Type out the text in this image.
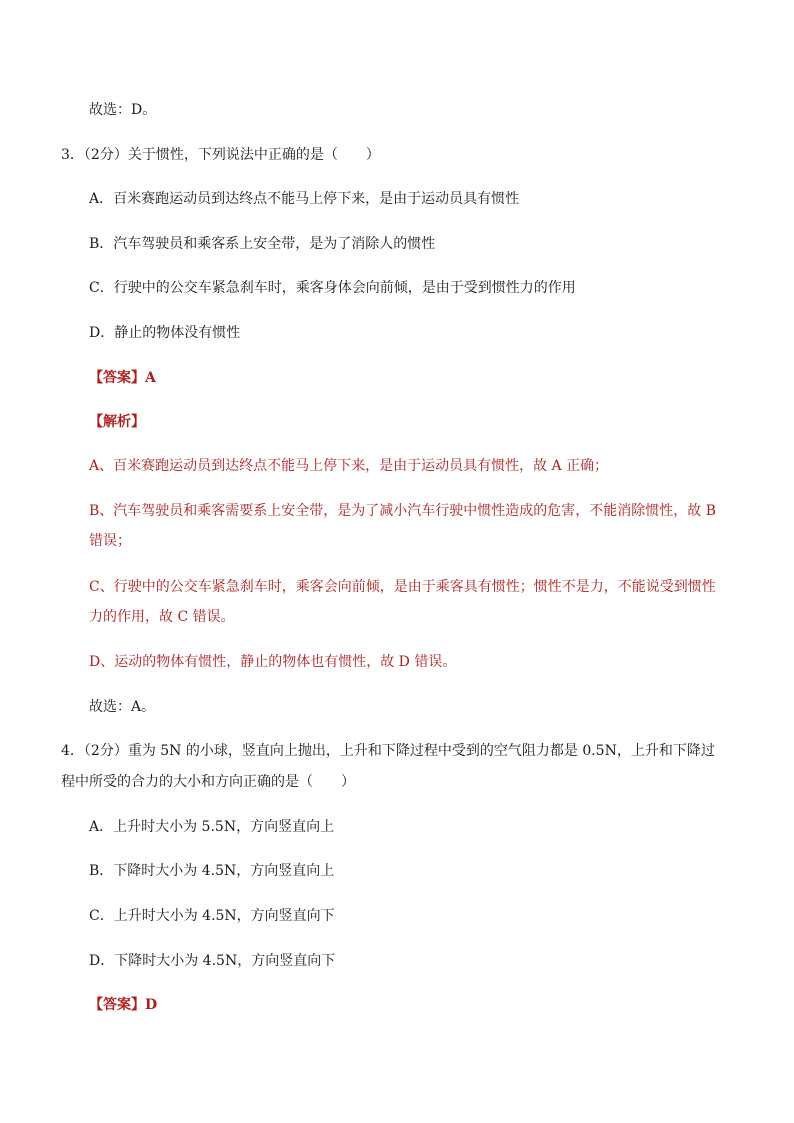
故选：D。
3．（2分）关于惯性，下列说法中正确的是（　　）
A．百米赛跑运动员到达终点不能马上停下来，是由于运动员具有惯性
B．汽车驾驶员和乘客系上安全带，是为了消除人的惯性
C．行驶中的公交车紧急刹车时，乘客身体会向前倾，是由于受到惯性力的作用
D．静止的物体没有惯性
【答案】A
【解析】
A、百米赛跑运动员到达终点不能马上停下来，是由于运动员具有惯性，故 A 正确；
B、汽车驾驶员和乘客需要系上安全带，是为了减小汽车行驶中惯性造成的危害，不能消除惯性，故 B
错误；
C、行驶中的公交车紧急刹车时，乘客会向前倾，是由于乘客具有惯性；惯性不是力，不能说受到惯性
力的作用，故 C 错误。
D、运动的物体有惯性，静止的物体也有惯性，故 D 错误。
故选：A。
4．（2分）重为 5N 的小球，竖直向上抛出，上升和下降过程中受到的空气阻力都是 0.5N，上升和下降过
程中所受的合力的大小和方向正确的是（　　）
A．上升时大小为 5.5N，方向竖直向上
B．下降时大小为 4.5N，方向竖直向上
C．上升时大小为 4.5N，方向竖直向下
D．下降时大小为 4.5N，方向竖直向下
【答案】D
